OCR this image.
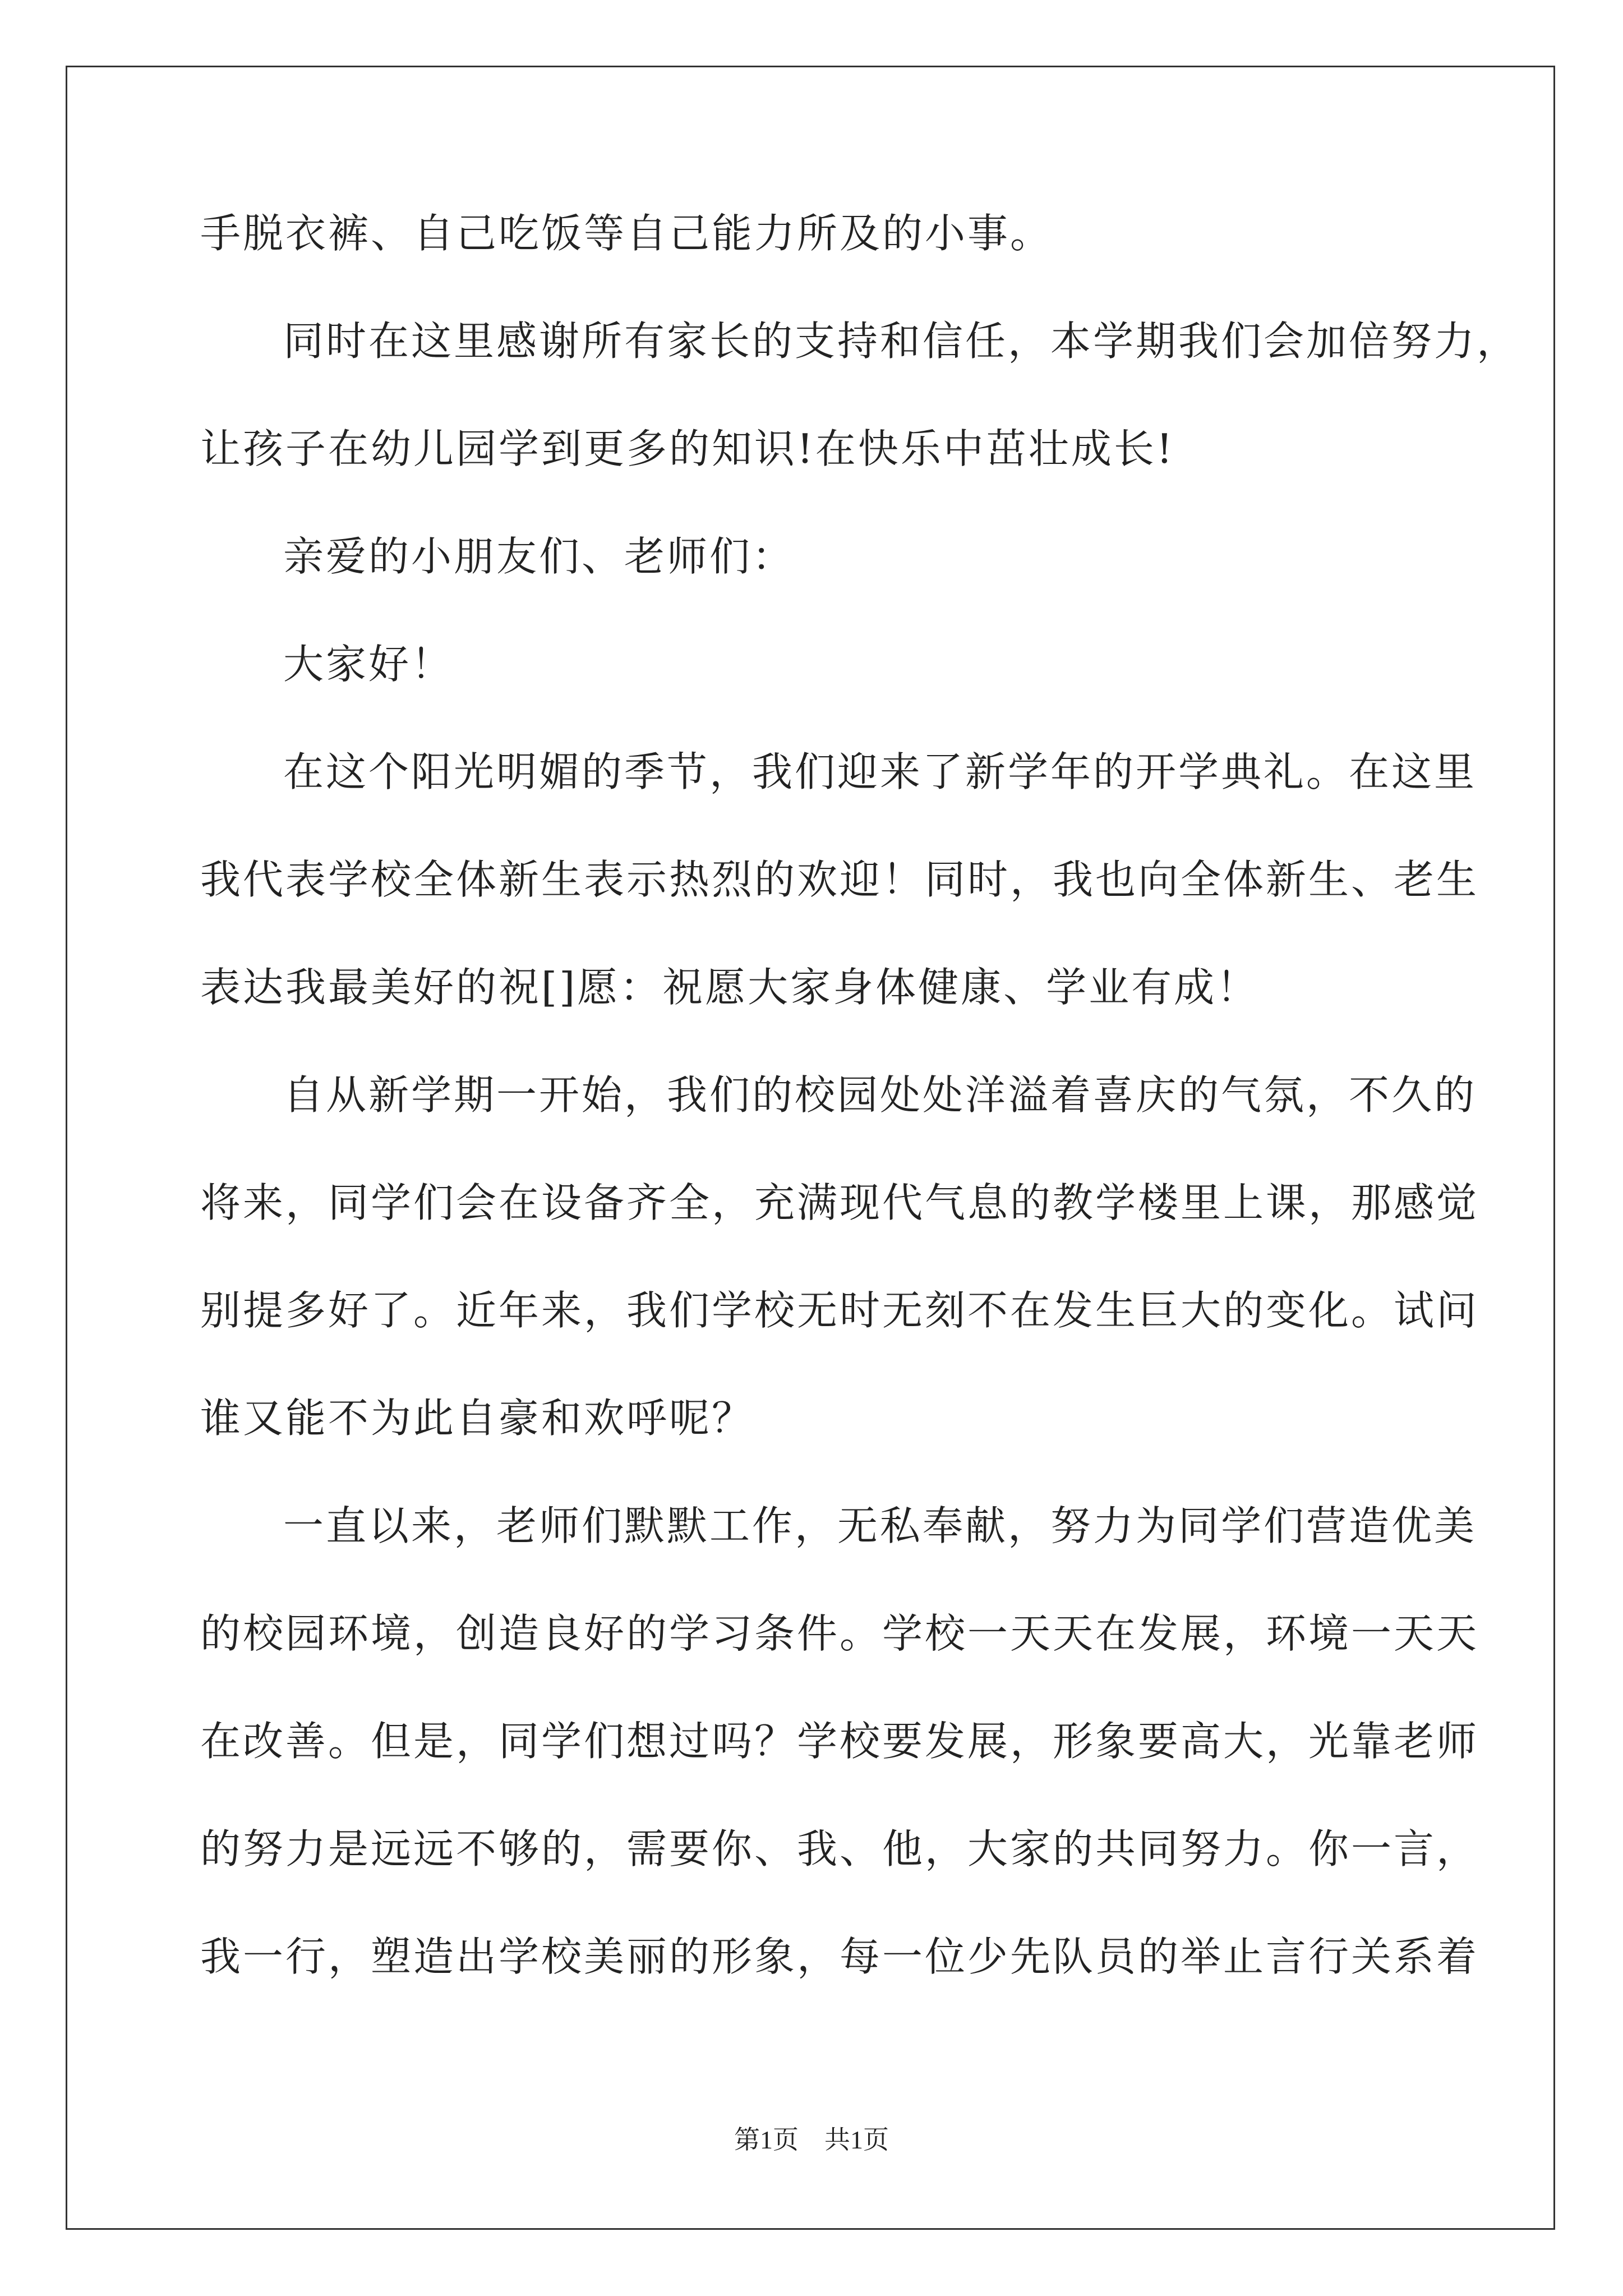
手脱衣裤、自己吃饭等自己能力所及的小事。
同时在这里感谢所有家长的支持和信任，本学期我们会加倍努力，
让孩子在幼儿园学到更多的知识!在快乐中茁壮成长!
亲爱的小朋友们、老师们：
大家好！
在这个阳光明媚的季节，我们迎来了新学年的开学典礼。在这里
我代表学校全体新生表示热烈的欢迎！同时，我也向全体新生、老生
表达我最美好的祝[]愿：祝愿大家身体健康、学业有成！
自从新学期一开始，我们的校园处处洋溢着喜庆的气氛，不久的
将来，同学们会在设备齐全，充满现代气息的教学楼里上课，那感觉
别提多好了。近年来，我们学校无时无刻不在发生巨大的变化。试问
谁又能不为此自豪和欢呼呢？
一直以来，老师们默默工作，无私奉献，努力为同学们营造优美
的校园环境，创造良好的学习条件。学校一天天在发展，环境一天天
在改善。但是，同学们想过吗？学校要发展，形象要高大，光靠老师
的努力是远远不够的，需要你、我、他，大家的共同努力。你一言，
我一行，塑造出学校美丽的形象，每一位少先队员的举止言行关系着
第1页　共1页
